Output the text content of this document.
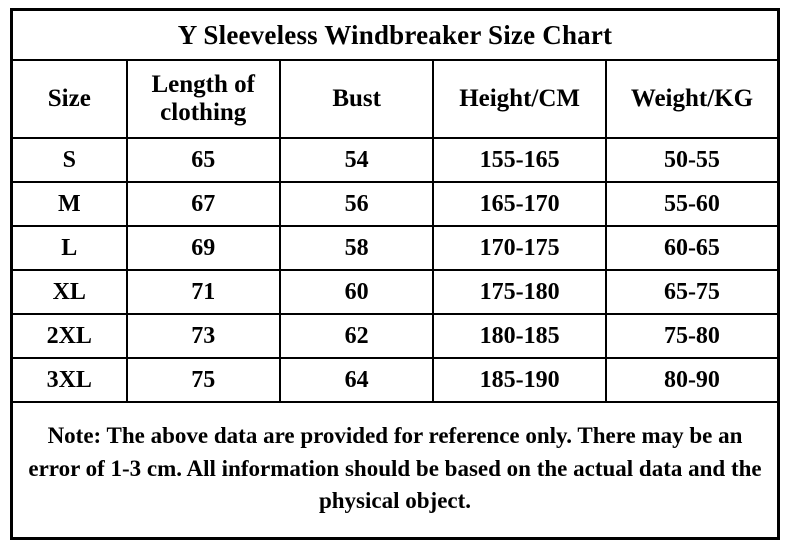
Y Sleeveless Windbreaker Size Chart				
Size	Length of clothing	Bust	Height/CM	Weight/KG
S	65	54	155-165	50-55
M	67	56	165-170	55-60
L	69	58	170-175	60-65
XL	71	60	175-180	65-75
2XL	73	62	180-185	75-80
3XL	75	64	185-190	80-90

Note: The above data are provided for reference only. There may be an error of 1-3 cm. All information should be based on the actual data and the physical object.				
